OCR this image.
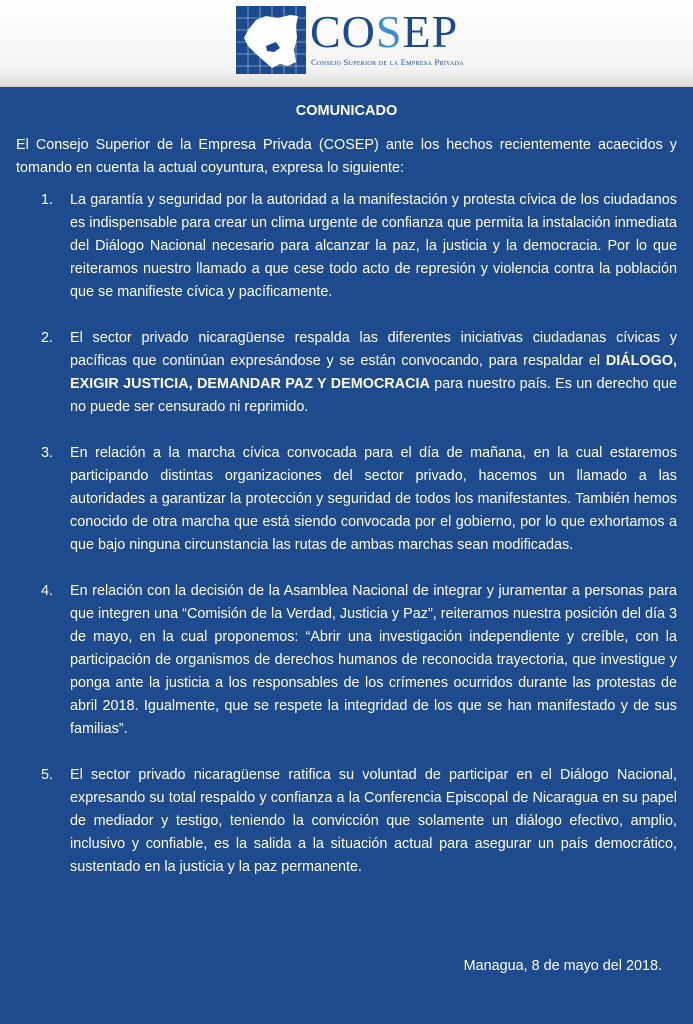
COSEP
Consejo Superior de la Empresa Privada
COMUNICADO

El Consejo Superior de la Empresa Privada (COSEP) ante los hechos recientemente acaecidos y tomando en cuenta la actual coyuntura, expresa lo siguiente:

1. La garantía y seguridad por la autoridad a la manifestación y protesta cívica de los ciudadanos es indispensable para crear un clima urgente de confianza que permita la instalación inmediata del Diálogo Nacional necesario para alcanzar la paz, la justicia y la democracia. Por lo que reiteramos nuestro llamado a que cese todo acto de represión y violencia contra la población que se manifieste cívica y pacíficamente.
2. El sector privado nicaragüense respalda las diferentes iniciativas ciudadanas cívicas y pacíficas que continúan expresándose y se están convocando, para respaldar el DIÁLOGO, EXIGIR JUSTICIA, DEMANDAR PAZ Y DEMOCRACIA para nuestro país. Es un derecho que no puede ser censurado ni reprimido.
3. En relación a la marcha cívica convocada para el día de mañana, en la cual estaremos participando distintas organizaciones del sector privado, hacemos un llamado a las autoridades a garantizar la protección y seguridad de todos los manifestantes. También hemos conocido de otra marcha que está siendo convocada por el gobierno, por lo que exhortamos a que bajo ninguna circunstancia las rutas de ambas marchas sean modificadas.
4. En relación con la decisión de la Asamblea Nacional de integrar y juramentar a personas para que integren una “Comisión de la Verdad, Justicia y Paz”, reiteramos nuestra posición del día 3 de mayo, en la cual proponemos: “Abrir una investigación independiente y creíble, con la participación de organismos de derechos humanos de reconocida trayectoria, que investigue y ponga ante la justicia a los responsables de los crímenes ocurridos durante las protestas de abril 2018. Igualmente, que se respete la integridad de los que se han manifestado y de sus familias”.
5. El sector privado nicaragüense ratifica su voluntad de participar en el Diálogo Nacional, expresando su total respaldo y confianza a la Conferencia Episcopal de Nicaragua en su papel de mediador y testigo, teniendo la convicción que solamente un diálogo efectivo, amplio, inclusivo y confiable, es la salida a la situación actual para asegurar un país democrático, sustentado en la justicia y la paz permanente.
Managua, 8 de mayo del 2018.
